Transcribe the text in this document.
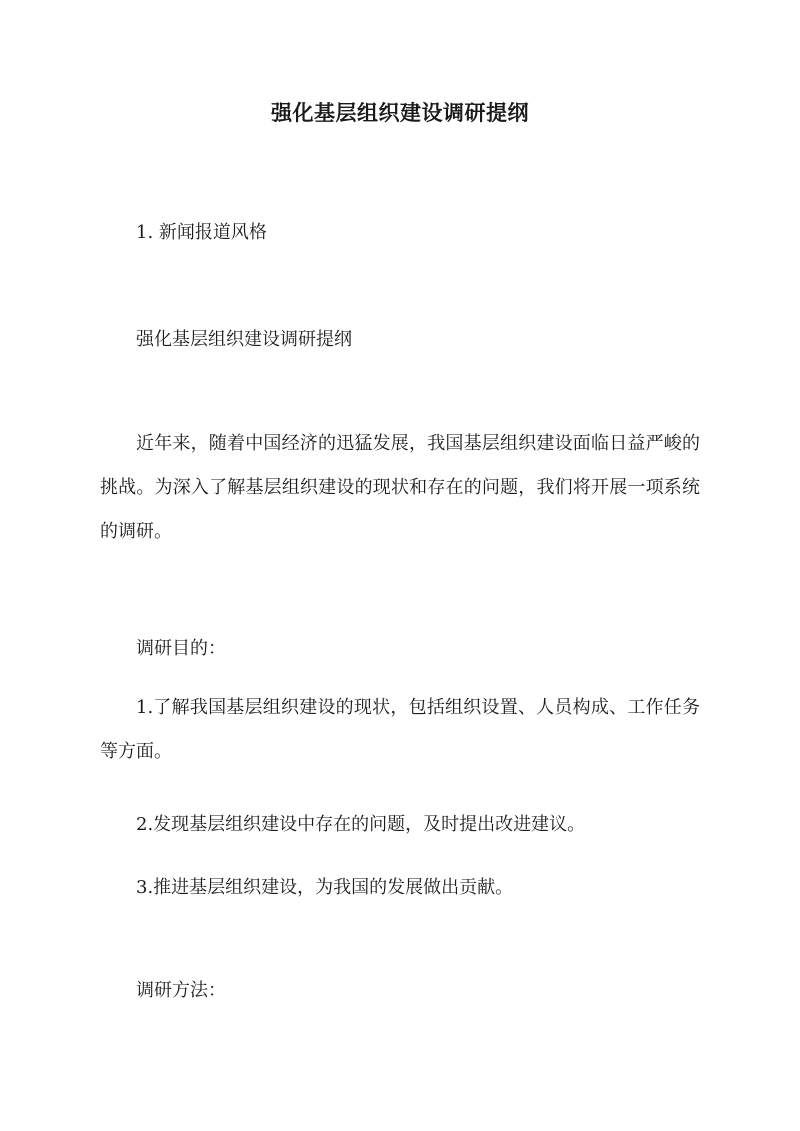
强化基层组织建设调研提纲
1. 新闻报道风格
强化基层组织建设调研提纲
近年来，随着中国经济的迅猛发展，我国基层组织建设面临日益严峻的挑战。为深入了解基层组织建设的现状和存在的问题，我们将开展一项系统的调研。
调研目的：
1.了解我国基层组织建设的现状，包括组织设置、人员构成、工作任务等方面。
2.发现基层组织建设中存在的问题，及时提出改进建议。
3.推进基层组织建设，为我国的发展做出贡献。
调研方法：
